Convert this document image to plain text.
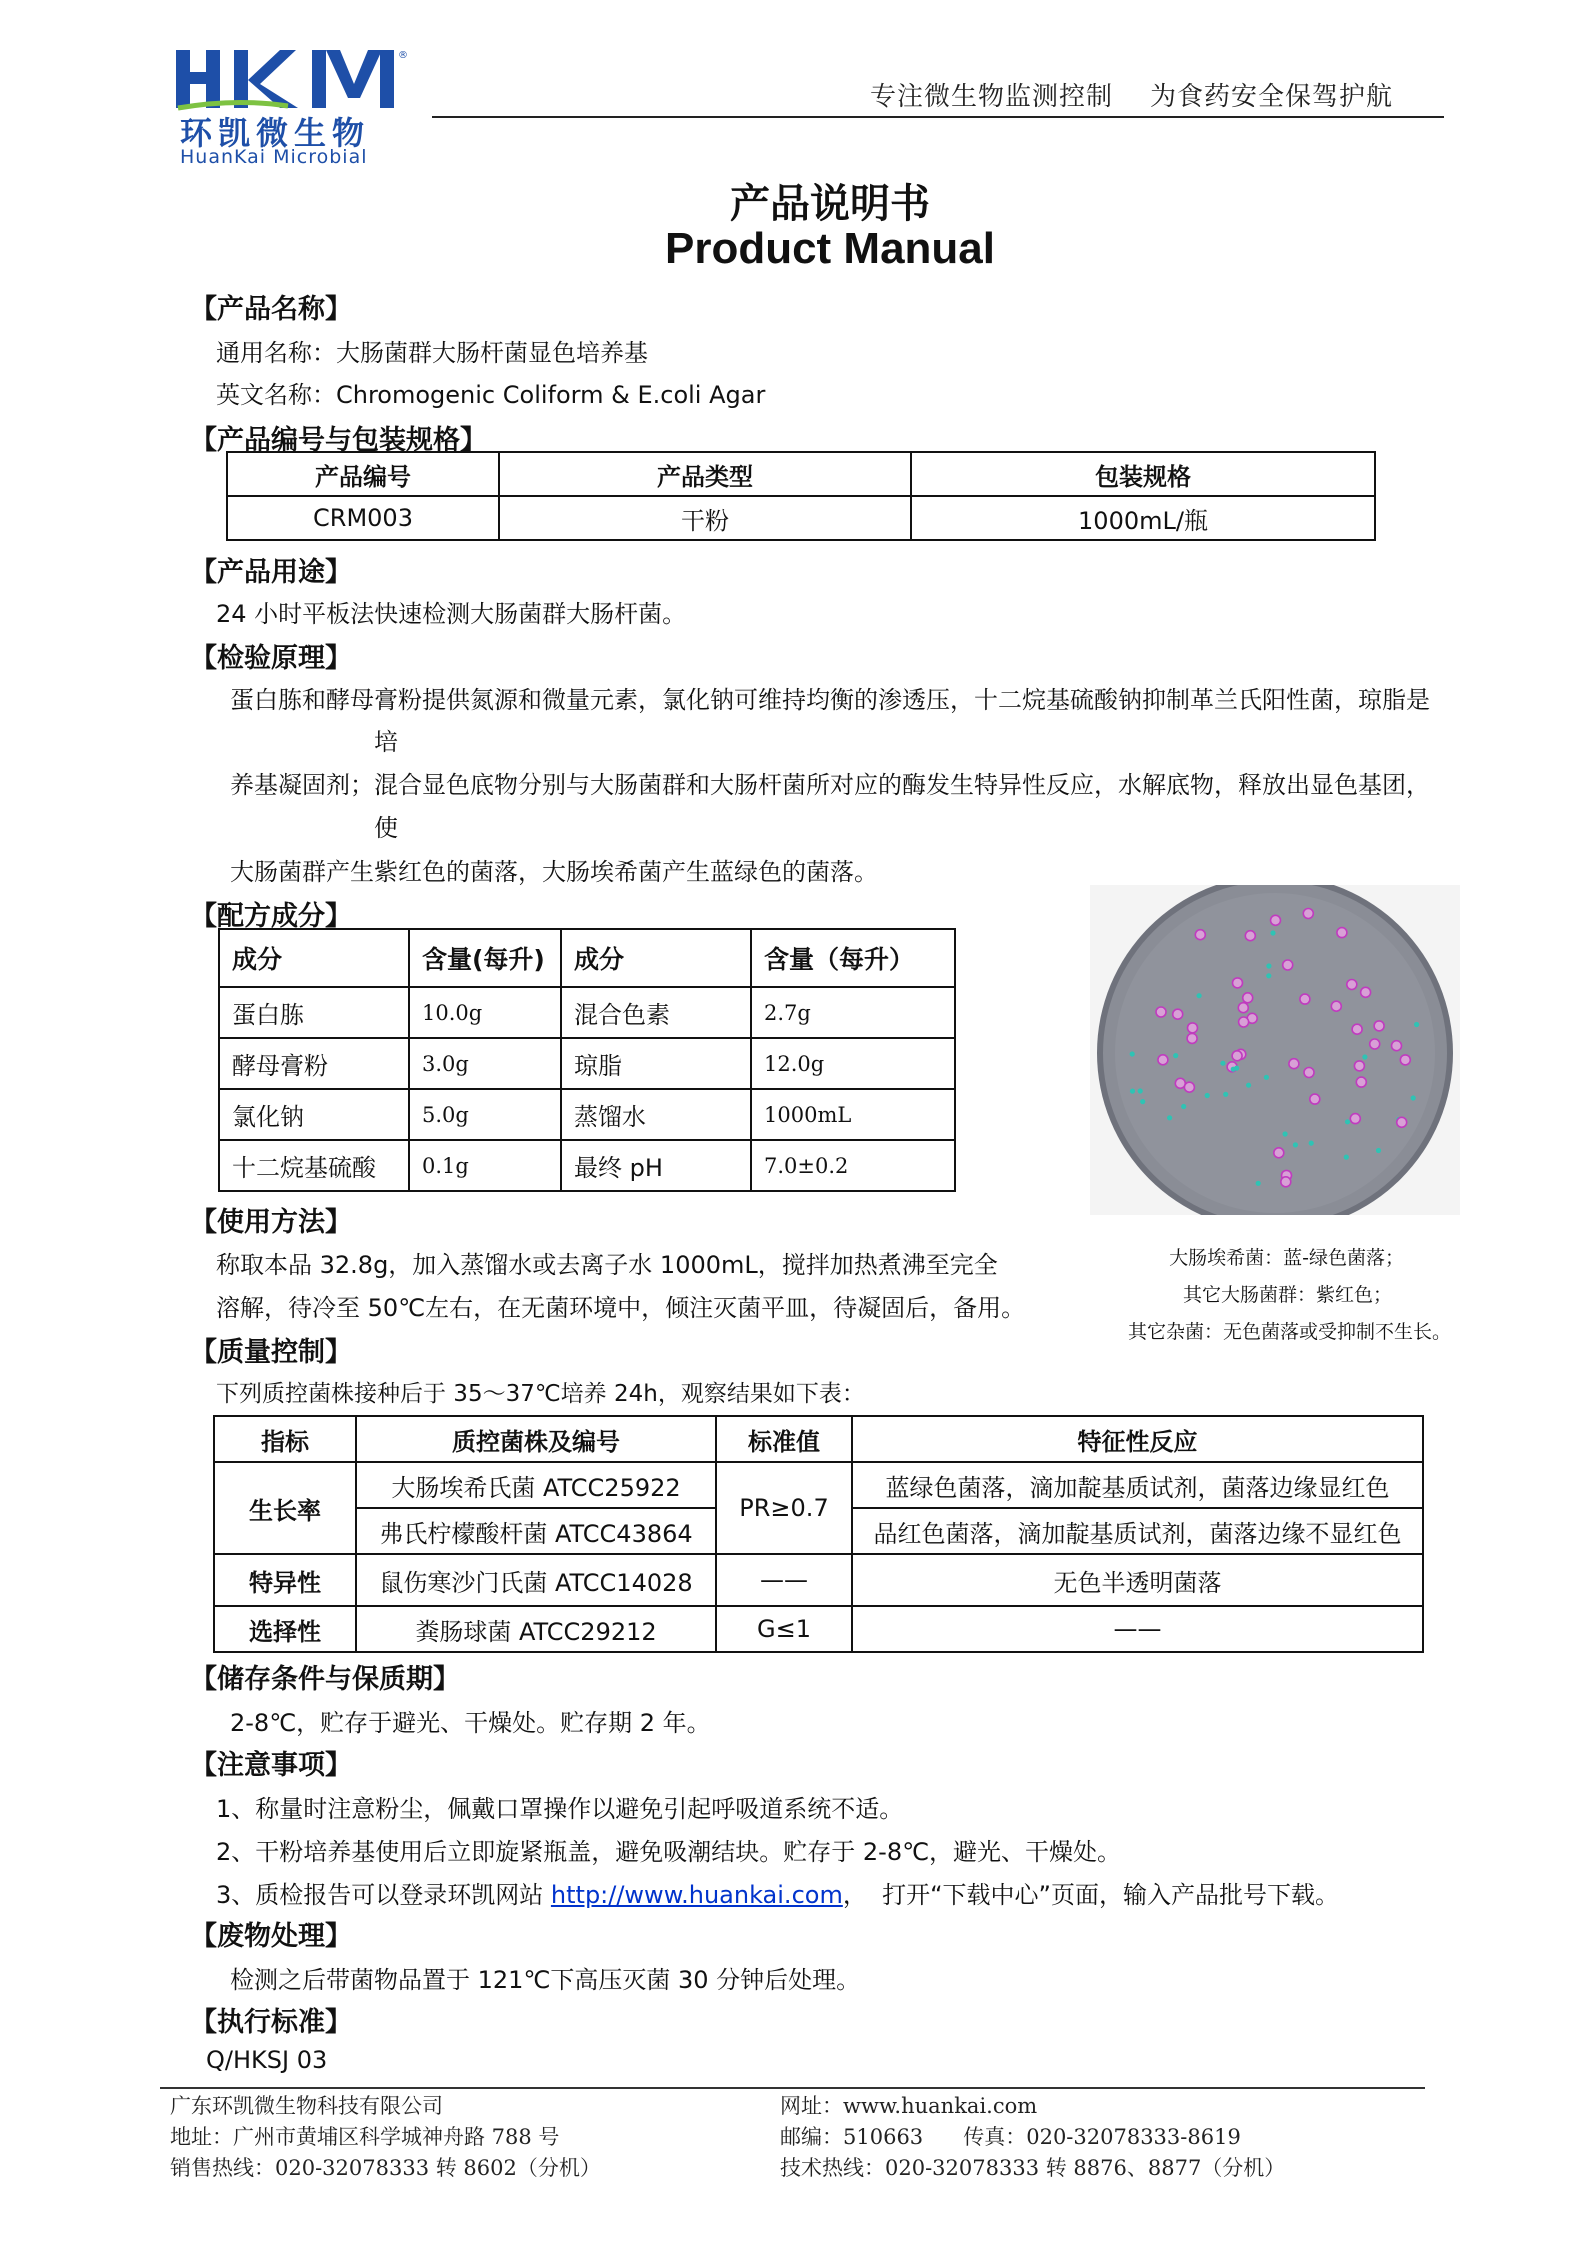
®
环凯微生物
HuanKai Microbial
专注微生物监测控制    为食药安全保驾护航
产品说明书
Product Manual
【产品名称】
通用名称：大肠菌群大肠杆菌显色培养基
英文名称：Chromogenic Coliform & E.coli Agar
【产品编号与包装规格】
产品编号	产品类型	包装规格
CRM003	干粉	1000mL/瓶
【产品用途】
24 小时平板法快速检测大肠菌群大肠杆菌。
【检验原理】
蛋白胨和酵母膏粉提供氮源和微量元素，氯化钠可维持均衡的渗透压，十二烷基硫酸钠抑制革兰氏阳性菌，琼脂是
培
养基凝固剂；混合显色底物分别与大肠菌群和大肠杆菌所对应的酶发生特异性反应，水解底物，释放出显色基团，
使
大肠菌群产生紫红色的菌落，大肠埃希菌产生蓝绿色的菌落。
【配方成分】
成分	含量(每升)	成分	含量（每升）
蛋白胨	10.0g	混合色素	2.7g
酵母膏粉	3.0g	琼脂	12.0g
氯化钠	5.0g	蒸馏水	1000mL
十二烷基硫酸	0.1g	最终 pH	7.0±0.2
大肠埃希菌：蓝-绿色菌落；
其它大肠菌群：紫红色；
其它杂菌：无色菌落或受抑制不生长。
【使用方法】
称取本品 32.8g，加入蒸馏水或去离子水 1000mL，搅拌加热煮沸至完全
溶解，待冷至 50℃左右，在无菌环境中，倾注灭菌平皿，待凝固后，备用。
【质量控制】
下列质控菌株接种后于 35～37℃培养 24h，观察结果如下表：
指标	质控菌株及编号	标准值	特征性反应
生长率	大肠埃希氏菌 ATCC25922	PR≥0.7	蓝绿色菌落，滴加靛基质试剂，菌落边缘显红色
	弗氏柠檬酸杆菌 ATCC43864		品红色菌落，滴加靛基质试剂，菌落边缘不显红色
特异性	鼠伤寒沙门氏菌 ATCC14028	——	无色半透明菌落
选择性	粪肠球菌 ATCC29212	G≤1	——
【储存条件与保质期】
2-8℃，贮存于避光、干燥处。贮存期 2 年。
【注意事项】
1、称量时注意粉尘，佩戴口罩操作以避免引起呼吸道系统不适。
2、干粉培养基使用后立即旋紧瓶盖，避免吸潮结块。贮存于 2-8℃，避光、干燥处。
3、质检报告可以登录环凯网站 http://www.huankai.com，  打开“下载中心”页面，输入产品批号下载。
【废物处理】
检测之后带菌物品置于 121℃下高压灭菌 30 分钟后处理。
【执行标准】
Q/HKSJ 03
广东环凯微生物科技有限公司
地址：广州市黄埔区科学城神舟路 788 号
销售热线：020-32078333 转 8602（分机）
网址：www.huankai.com
邮编：510663      传真：020-32078333-8619
技术热线：020-32078333 转 8876、8877（分机）
